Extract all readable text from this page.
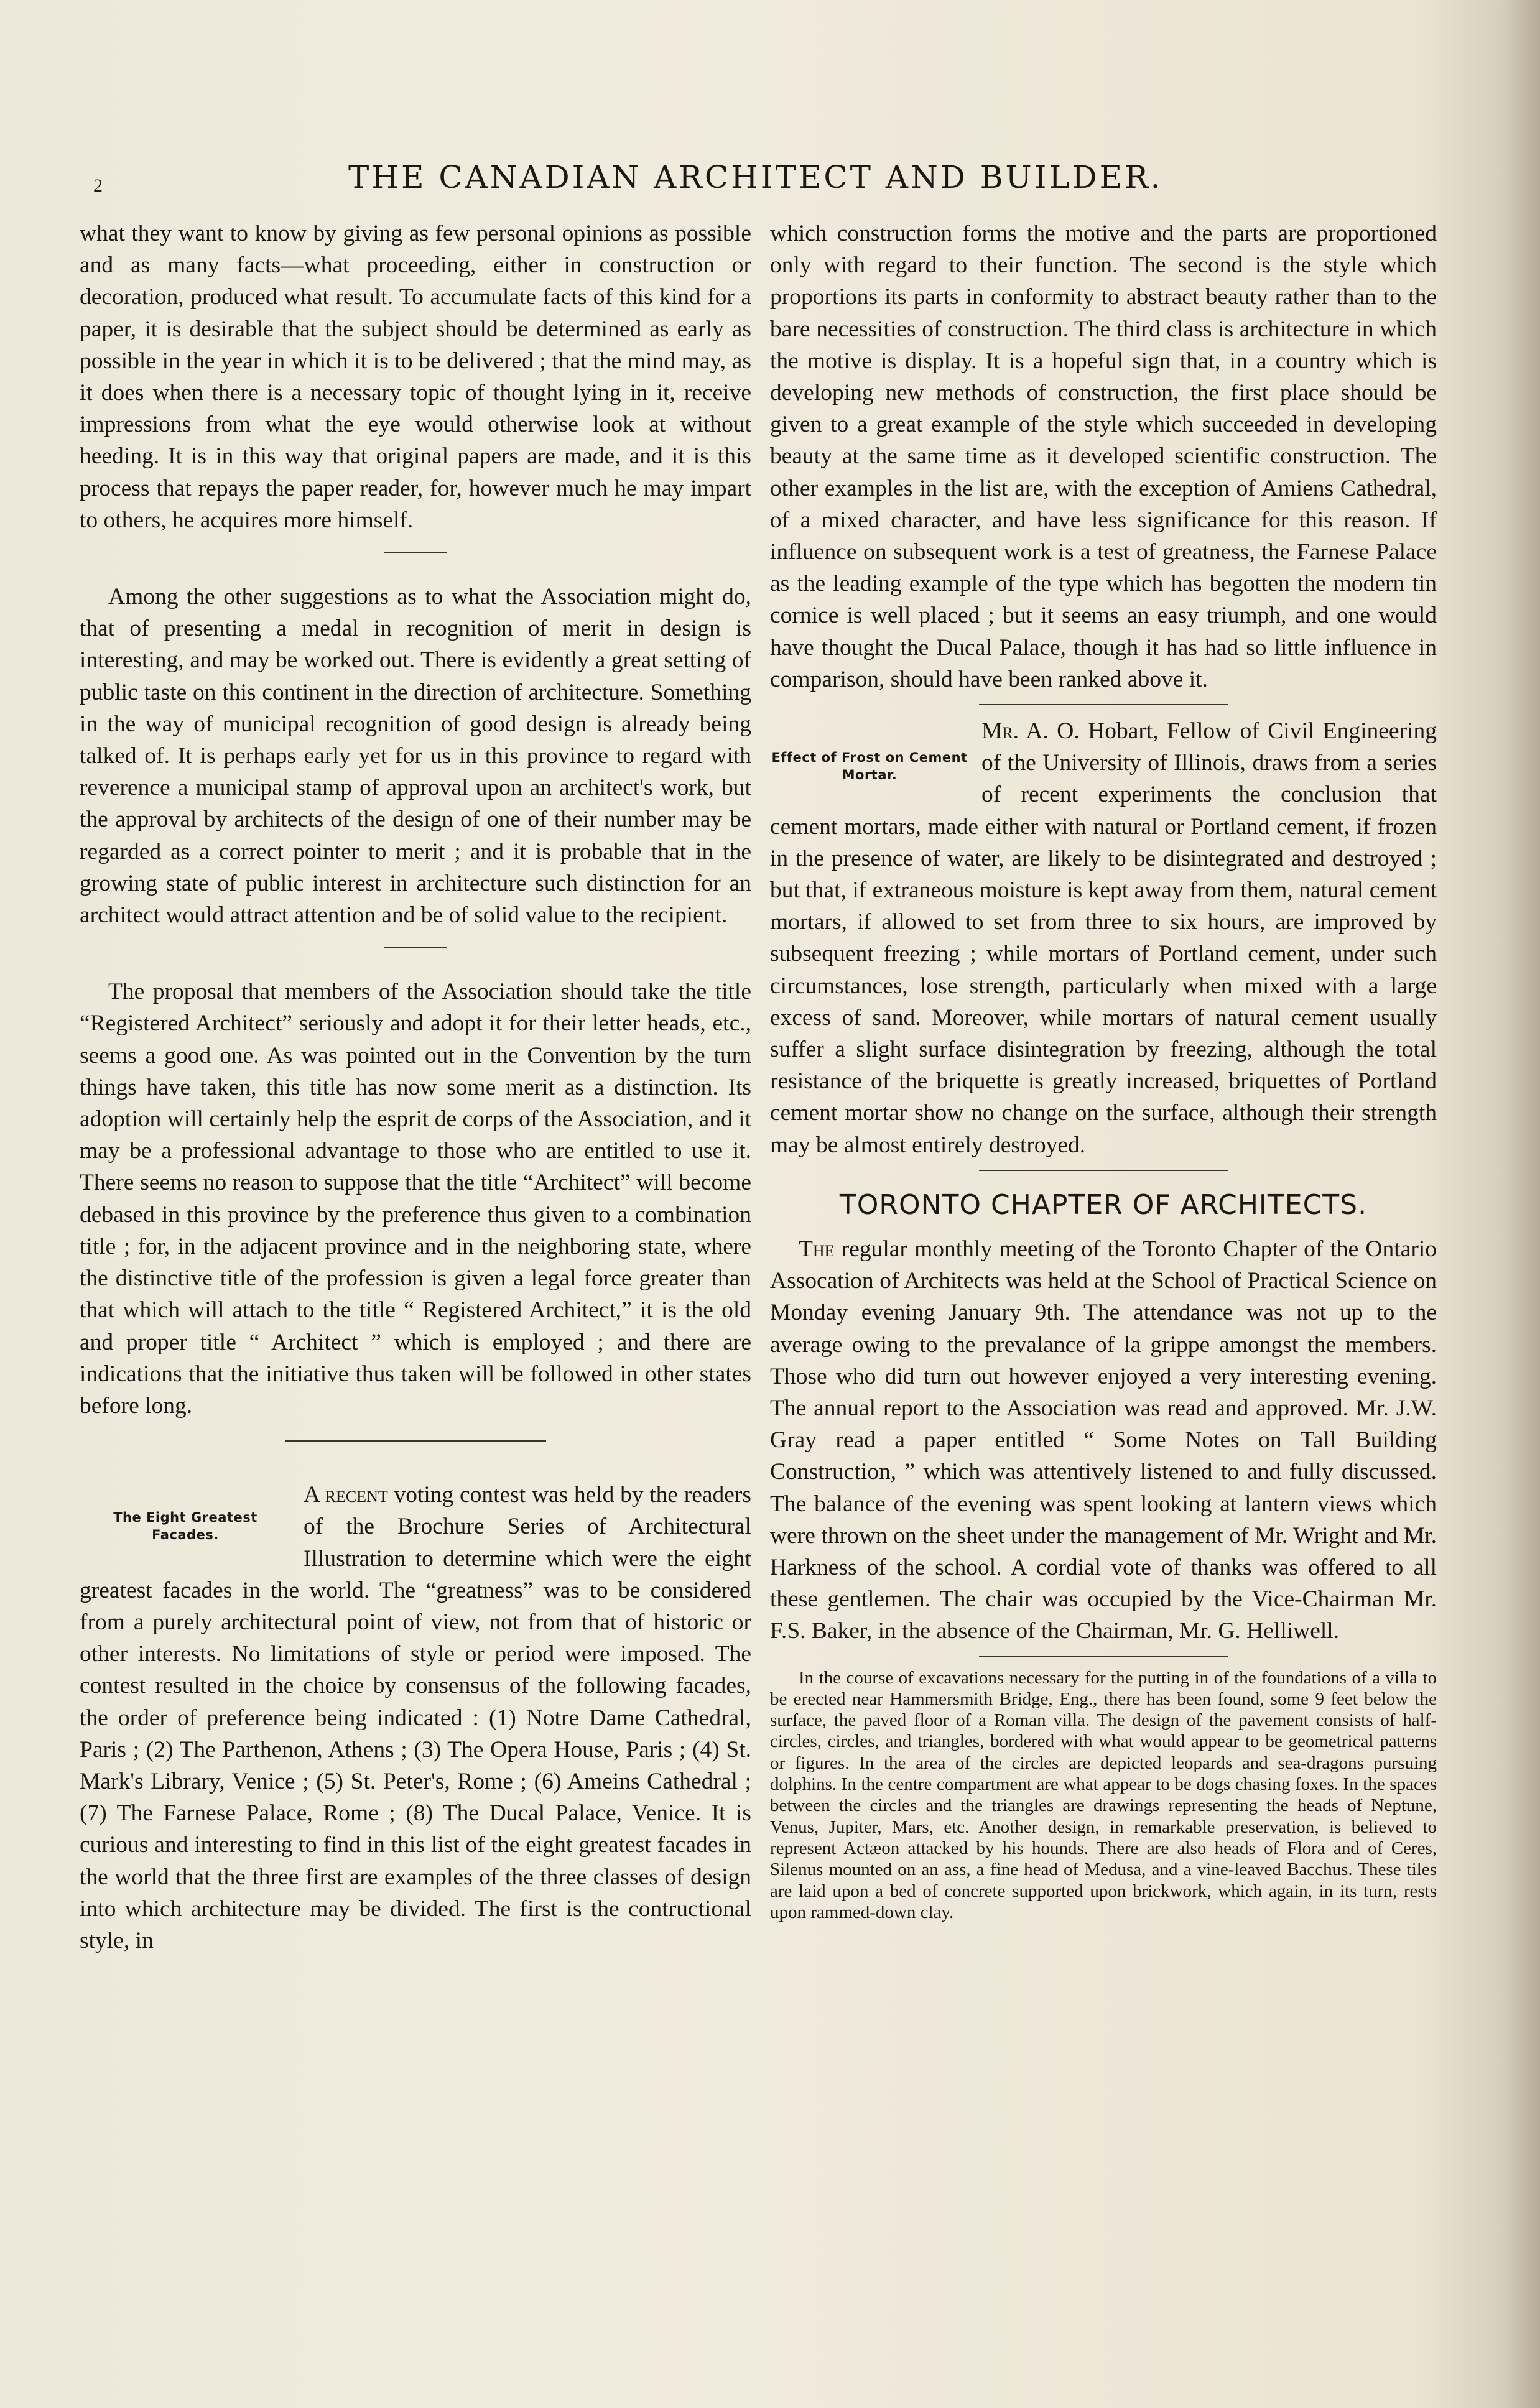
2	THE CANADIAN ARCHITECT AND BUILDER.

what they want to know by giving as few personal opinions as possible and as many facts—what proceeding, either in construction or decoration, produced what result. To accumulate facts of this kind for a paper, it is desirable that the subject should be determined as early as possible in the year in which it is to be delivered ; that the mind may, as it does when there is a necessary topic of thought lying in it, receive impressions from what the eye would otherwise look at without heeding. It is in this way that original papers are made, and it is this process that repays the paper reader, for, however much he may impart to others, he acquires more himself.

Among the other suggestions as to what the Association might do, that of presenting a medal in recognition of merit in design is interesting, and may be worked out. There is evidently a great setting of public taste on this continent in the direction of architecture. Something in the way of municipal recognition of good design is already being talked of. It is perhaps early yet for us in this province to regard with reverence a municipal stamp of approval upon an architect's work, but the approval by architects of the design of one of their number may be regarded as a correct pointer to merit ; and it is probable that in the growing state of public interest in architecture such distinction for an architect would attract attention and be of solid value to the recipient.

The proposal that members of the Association should take the title “Registered Architect” seriously and adopt it for their letter heads, etc., seems a good one. As was pointed out in the Convention by the turn things have taken, this title has now some merit as a distinction. Its adoption will certainly help the esprit de corps of the Association, and it may be a professional advantage to those who are entitled to use it. There seems no reason to suppose that the title “Architect” will become debased in this province by the preference thus given to a combination title ; for, in the adjacent province and in the neighboring state, where the distinctive title of the profession is given a legal force greater than that which will attach to the title “ Registered Architect,” it is the old and proper title “ Architect ” which is employed ; and there are indications that the initiative thus taken will be followed in other states before long.

The Eight Greatest Facades.

A recent voting contest was held by the readers of the Brochure Series of Architectural Illustration to determine which were the eight greatest facades in the world. The “greatness” was to be considered from a purely architectural point of view, not from that of historic or other interests. No limitations of style or period were imposed. The contest resulted in the choice by consensus of the following facades, the order of preference being indicated : (1) Notre Dame Cathedral, Paris ; (2) The Parthenon, Athens ; (3) The Opera House, Paris ; (4) St. Mark's Library, Venice ; (5) St. Peter's, Rome ; (6) Ameins Cathedral ; (7) The Farnese Palace, Rome ; (8) The Ducal Palace, Venice. It is curious and interesting to find in this list of the eight greatest facades in the world that the three first are examples of the three classes of design into which architecture may be divided. The first is the contructional style, in

which construction forms the motive and the parts are proportioned only with regard to their function. The second is the style which proportions its parts in conformity to abstract beauty rather than to the bare necessities of construction. The third class is architecture in which the motive is display. It is a hopeful sign that, in a country which is developing new methods of construction, the first place should be given to a great example of the style which succeeded in developing beauty at the same time as it developed scientific construction. The other examples in the list are, with the exception of Amiens Cathedral, of a mixed character, and have less significance for this reason. If influence on subsequent work is a test of greatness, the Farnese Palace as the leading example of the type which has begotten the modern tin cornice is well placed ; but it seems an easy triumph, and one would have thought the Ducal Palace, though it has had so little influence in comparison, should have been ranked above it.

Effect of Frost on Cement Mortar.

Mr. A. O. Hobart, Fellow of Civil Engineering of the University of Illinois, draws from a series of recent experiments the conclusion that cement mortars, made either with natural or Portland cement, if frozen in the presence of water, are likely to be disintegrated and destroyed ; but that, if extraneous moisture is kept away from them, natural cement mortars, if allowed to set from three to six hours, are improved by subsequent freezing ; while mortars of Portland cement, under such circumstances, lose strength, particularly when mixed with a large excess of sand. Moreover, while mortars of natural cement usually suffer a slight surface disintegration by freezing, although the total resistance of the briquette is greatly increased, briquettes of Portland cement mortar show no change on the surface, although their strength may be almost entirely destroyed.

TORONTO CHAPTER OF ARCHITECTS.

The regular monthly meeting of the Toronto Chapter of the Ontario Assocation of Architects was held at the School of Practical Science on Monday evening January 9th. The attendance was not up to the average owing to the prevalance of la grippe amongst the members. Those who did turn out however enjoyed a very interesting evening. The annual report to the Association was read and approved. Mr. J.W. Gray read a paper entitled “ Some Notes on Tall Building Construction, ” which was attentively listened to and fully discussed. The balance of the evening was spent looking at lantern views which were thrown on the sheet under the management of Mr. Wright and Mr. Harkness of the school. A cordial vote of thanks was offered to all these gentlemen. The chair was occupied by the Vice-Chairman Mr. F.S. Baker, in the absence of the Chairman, Mr. G. Helliwell.

In the course of excavations necessary for the putting in of the foundations of a villa to be erected near Hammersmith Bridge, Eng., there has been found, some 9 feet below the surface, the paved floor of a Roman villa. The design of the pavement consists of half-circles, circles, and triangles, bordered with what would appear to be geometrical patterns or figures. In the area of the circles are depicted leopards and sea-dragons pursuing dolphins. In the centre compartment are what appear to be dogs chasing foxes. In the spaces between the circles and the triangles are drawings representing the heads of Neptune, Venus, Jupiter, Mars, etc. Another design, in remarkable preservation, is believed to represent Actæon attacked by his hounds. There are also heads of Flora and of Ceres, Silenus mounted on an ass, a fine head of Medusa, and a vine-leaved Bacchus. These tiles are laid upon a bed of concrete supported upon brickwork, which again, in its turn, rests upon rammed-down clay.
